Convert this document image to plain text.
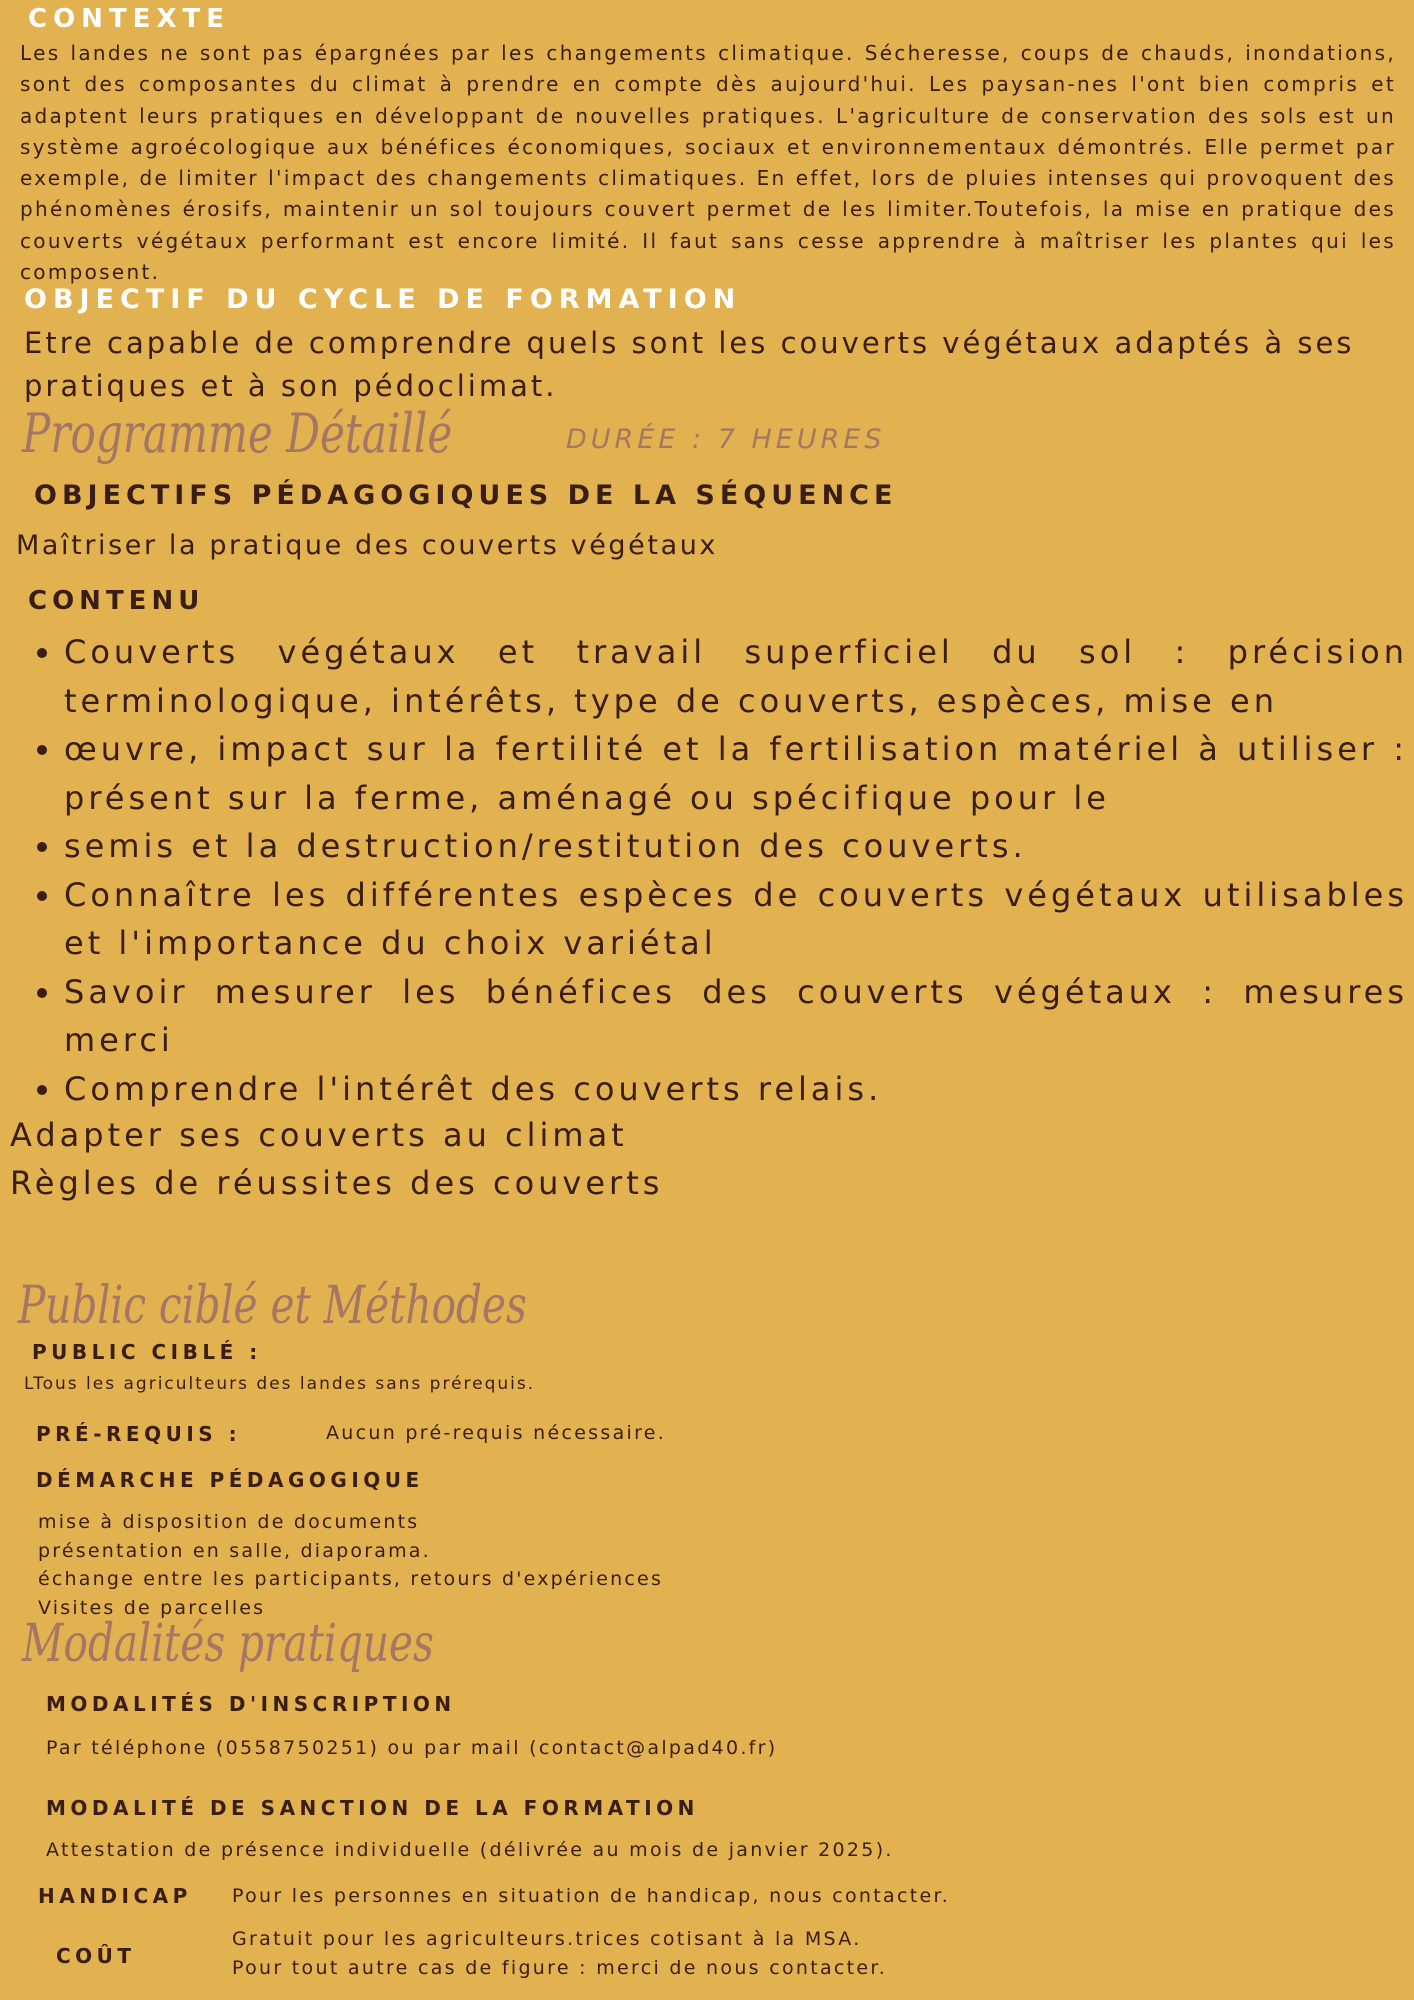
CONTEXTE
Les landes ne sont pas épargnées par les changements climatique. Sécheresse, coups de chauds, inondations, sont des composantes du climat à prendre en compte dès aujourd'hui. Les paysan-nes l'ont bien compris et adaptent leurs pratiques en développant de nouvelles pratiques. L'agriculture de conservation des sols est un système agroécologique aux bénéfices économiques, sociaux et environnementaux démontrés. Elle permet par exemple, de limiter l'impact des changements climatiques. En effet, lors de pluies intenses qui provoquent des phénomènes érosifs, maintenir un sol toujours couvert permet de les limiter.Toutefois, la mise en pratique des couverts végétaux performant est encore limité. Il faut sans cesse apprendre à maîtriser les plantes qui les composent.
OBJECTIF DU CYCLE DE FORMATION
Etre capable de comprendre quels sont les couverts végétaux adaptés à ses pratiques et à son pédoclimat.
Programme Détaillé	DURÉE : 7 HEURES
OBJECTIFS PÉDAGOGIQUES DE LA SÉQUENCE
Maîtriser la pratique des couverts végétaux
CONTENU
• Couverts végétaux et travail superficiel du sol : précision terminologique, intérêts, type de couverts, espèces, mise en
• œuvre, impact sur la fertilité et la fertilisation matériel à utiliser : présent sur la ferme, aménagé ou spécifique pour le
• semis et la destruction/restitution des couverts.
• Connaître les différentes espèces de couverts végétaux utilisables et l'importance du choix variétal
• Savoir mesurer les bénéfices des couverts végétaux : mesures merci
• Comprendre l'intérêt des couverts relais.
Adapter ses couverts au climat
Règles de réussites des couverts
Public ciblé et Méthodes
PUBLIC CIBLÉ :
LTous les agriculteurs des landes sans prérequis.
PRÉ-REQUIS :	Aucun pré-requis nécessaire.
DÉMARCHE PÉDAGOGIQUE
mise à disposition de documents
présentation en salle, diaporama.
échange entre les participants, retours d'expériences
Visites de parcelles
Modalités pratiques
MODALITÉS D'INSCRIPTION
Par téléphone (0558750251) ou par mail (contact@alpad40.fr)
MODALITÉ DE SANCTION DE LA FORMATION
Attestation de présence individuelle (délivrée au mois de janvier 2025).
HANDICAP Pour les personnes en situation de handicap, nous contacter.
COÛT
Gratuit pour les agriculteurs.trices cotisant à la MSA.
Pour tout autre cas de figure : merci de nous contacter.
